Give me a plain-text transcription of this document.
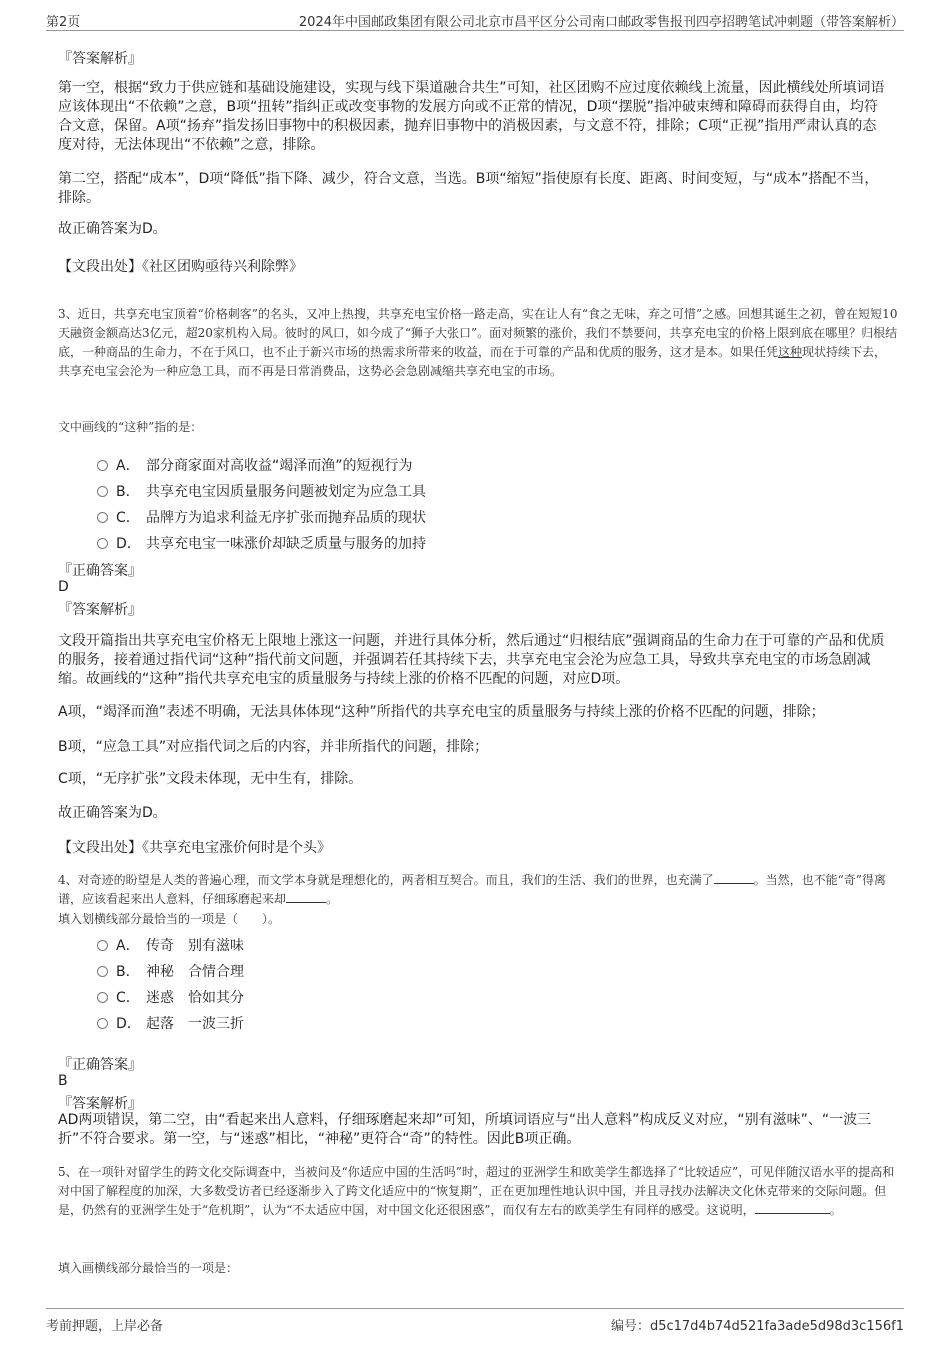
第2页	2024年中国邮政集团有限公司北京市昌平区分公司南口邮政零售报刊四亭招聘笔试冲刺题（带答案解析）
『答案解析』

第一空，根据“致力于供应链和基础设施建设，实现与线下渠道融合共生”可知，社区团购不应过度依赖线上流量，因此横线处所填词语应该体现出“不依赖”之意，B项“扭转”指纠正或改变事物的发展方向或不正常的情况，D项“摆脱”指冲破束缚和障碍而获得自由，均符合文意，保留。A项“扬弃”指发扬旧事物中的积极因素，抛弃旧事物中的消极因素，与文意不符，排除；C项“正视”指用严肃认真的态度对待，无法体现出“不依赖”之意，排除。

第二空，搭配“成本”，D项“降低”指下降、减少，符合文意，当选。B项“缩短”指使原有长度、距离、时间变短，与“成本”搭配不当，排除。

故正确答案为D。

【文段出处】《社区团购亟待兴利除弊》

3、近日，共享充电宝顶着“价格刺客”的名头，又冲上热搜，共享充电宝价格一路走高，实在让人有“食之无味，弃之可惜”之感。回想其诞生之初，曾在短短10天融资金额高达3亿元，超20家机构入局。彼时的风口，如今成了“狮子大张口”。面对频繁的涨价，我们不禁要问，共享充电宝的价格上限到底在哪里？归根结底，一种商品的生命力，不在于风口，也不止于新兴市场的热需求所带来的收益，而在于可靠的产品和优质的服务，这才是本。如果任凭这种现状持续下去，共享充电宝会沦为一种应急工具，而不再是日常消费品，这势必会急剧减缩共享充电宝的市场。

文中画线的“这种”指的是：
A． 部分商家面对高收益“竭泽而渔”的短视行为
B． 共享充电宝因质量服务问题被划定为应急工具
C． 品牌方为追求利益无序扩张而抛弃品质的现状
D． 共享充电宝一味涨价却缺乏质量与服务的加持
『正确答案』
D
『答案解析』

文段开篇指出共享充电宝价格无上限地上涨这一问题，并进行具体分析，然后通过“归根结底”强调商品的生命力在于可靠的产品和优质的服务，接着通过指代词“这种”指代前文问题，并强调若任其持续下去，共享充电宝会沦为应急工具，导致共享充电宝的市场急剧减缩。故画线的“这种”指代共享充电宝的质量服务与持续上涨的价格不匹配的问题，对应D项。

A项，“竭泽而渔”表述不明确，无法具体体现“这种”所指代的共享充电宝的质量服务与持续上涨的价格不匹配的问题，排除；

B项，“应急工具”对应指代词之后的内容，并非所指代的问题，排除；

C项，“无序扩张”文段未体现，无中生有，排除。

故正确答案为D。

【文段出处】《共享充电宝涨价何时是个头》

4、对奇迹的盼望是人类的普遍心理，而文学本身就是理想化的，两者相互契合。而且，我们的生活、我们的世界，也充满了	。当然，也不能“奇”得离谱，应该看起来出人意料，仔细琢磨起来却	。

填入划横线部分最恰当的一项是（　　）。
A． 传奇　别有滋味
B． 神秘　合情合理
C． 迷惑　恰如其分
D． 起落　一波三折
『正确答案』
B
『答案解析』

AD两项错误，第二空，由“看起来出人意料，仔细琢磨起来却”可知，所填词语应与“出人意料”构成反义对应，“别有滋味”、“一波三折”不符合要求。第一空，与“迷惑”相比，“神秘”更符合“奇”的特性。因此B项正确。

5、在一项针对留学生的跨文化交际调查中，当被问及“你适应中国的生活吗”时，超过的亚洲学生和欧美学生都选择了“比较适应”，可见伴随汉语水平的提高和对中国了解程度的加深，大多数受访者已经逐渐步入了跨文化适应中的“恢复期”，正在更加理性地认识中国，并且寻找办法解决文化休克带来的交际问题。但是，仍然有的亚洲学生处于“危机期”，认为“不太适应中国，对中国文化还很困惑”，而仅有左右的欧美学生有同样的感受。这说明，	。

填入画横线部分最恰当的一项是：
考前押题，上岸必备	编号：d5c17d4b74d521fa3ade5d98d3c156f1
